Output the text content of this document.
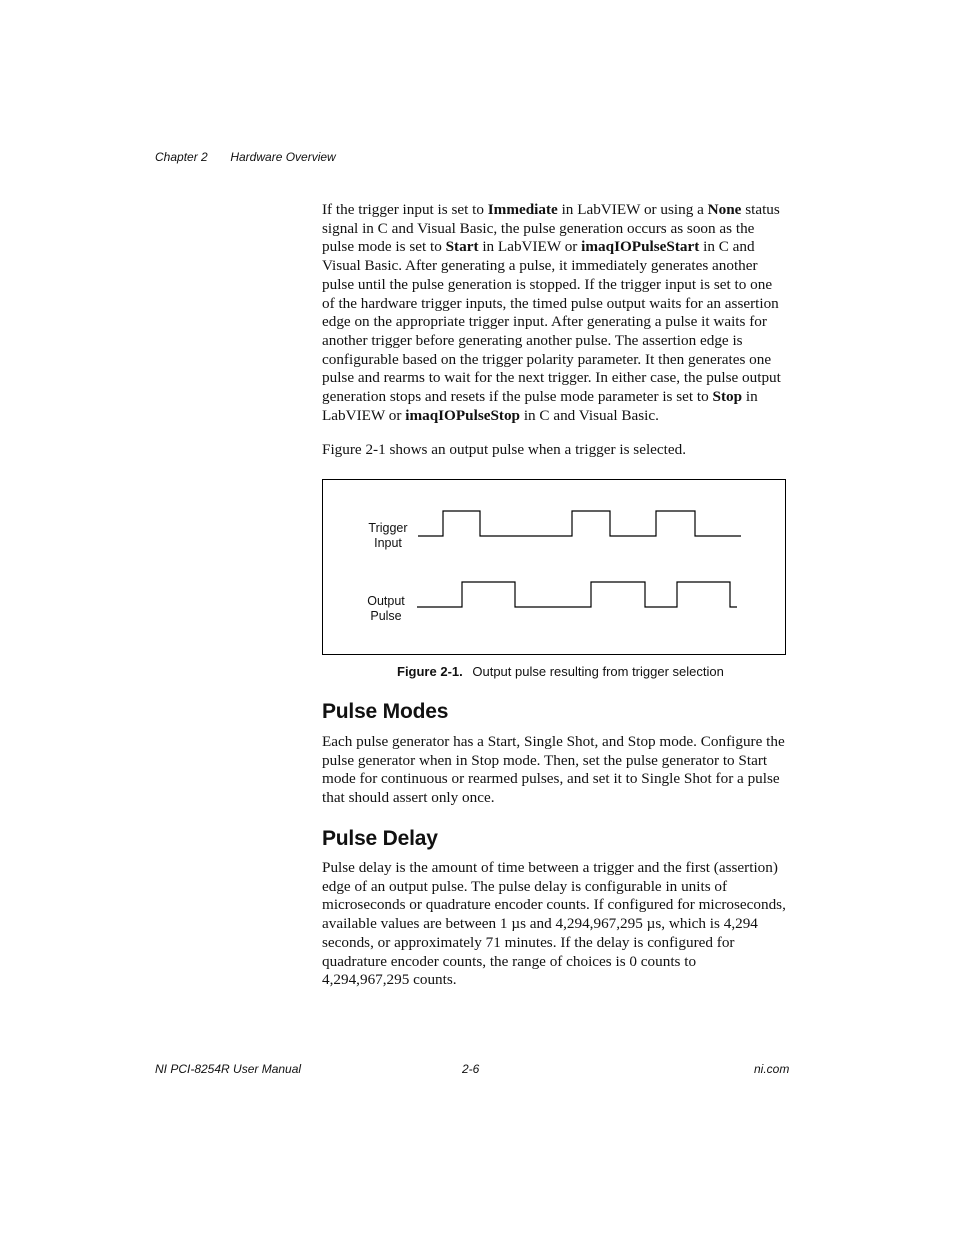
Chapter 2 Hardware Overview

If the trigger input is set to Immediate in LabVIEW or using a None status signal in C and Visual Basic, the pulse generation occurs as soon as the pulse mode is set to Start in LabVIEW or imaqIOPulseStart in C and Visual Basic. After generating a pulse, it immediately generates another pulse until the pulse generation is stopped. If the trigger input is set to one of the hardware trigger inputs, the timed pulse output waits for an assertion edge on the appropriate trigger input. After generating a pulse it waits for another trigger before generating another pulse. The assertion edge is configurable based on the trigger polarity parameter. It then generates one pulse and rearms to wait for the next trigger. In either case, the pulse output generation stops and resets if the pulse mode parameter is set to Stop in LabVIEW or imaqIOPulseStop in C and Visual Basic.

Figure 2-1 shows an output pulse when a trigger is selected.

Trigger
Input
Output
Pulse
Figure 2-1. Output pulse resulting from trigger selection
Pulse Modes

Each pulse generator has a Start, Single Shot, and Stop mode. Configure the pulse generator when in Stop mode. Then, set the pulse generator to Start mode for continuous or rearmed pulses, and set it to Single Shot for a pulse that should assert only once.

Pulse Delay

Pulse delay is the amount of time between a trigger and the first (assertion) edge of an output pulse. The pulse delay is configurable in units of microseconds or quadrature encoder counts. If configured for microseconds, available values are between 1 µs and 4,294,967,295 µs, which is 4,294 seconds, or approximately 71 minutes. If the delay is configured for quadrature encoder counts, the range of choices is 0 counts to 4,294,967,295 counts.

NI PCI-8254R User Manual	2-6	ni.com
